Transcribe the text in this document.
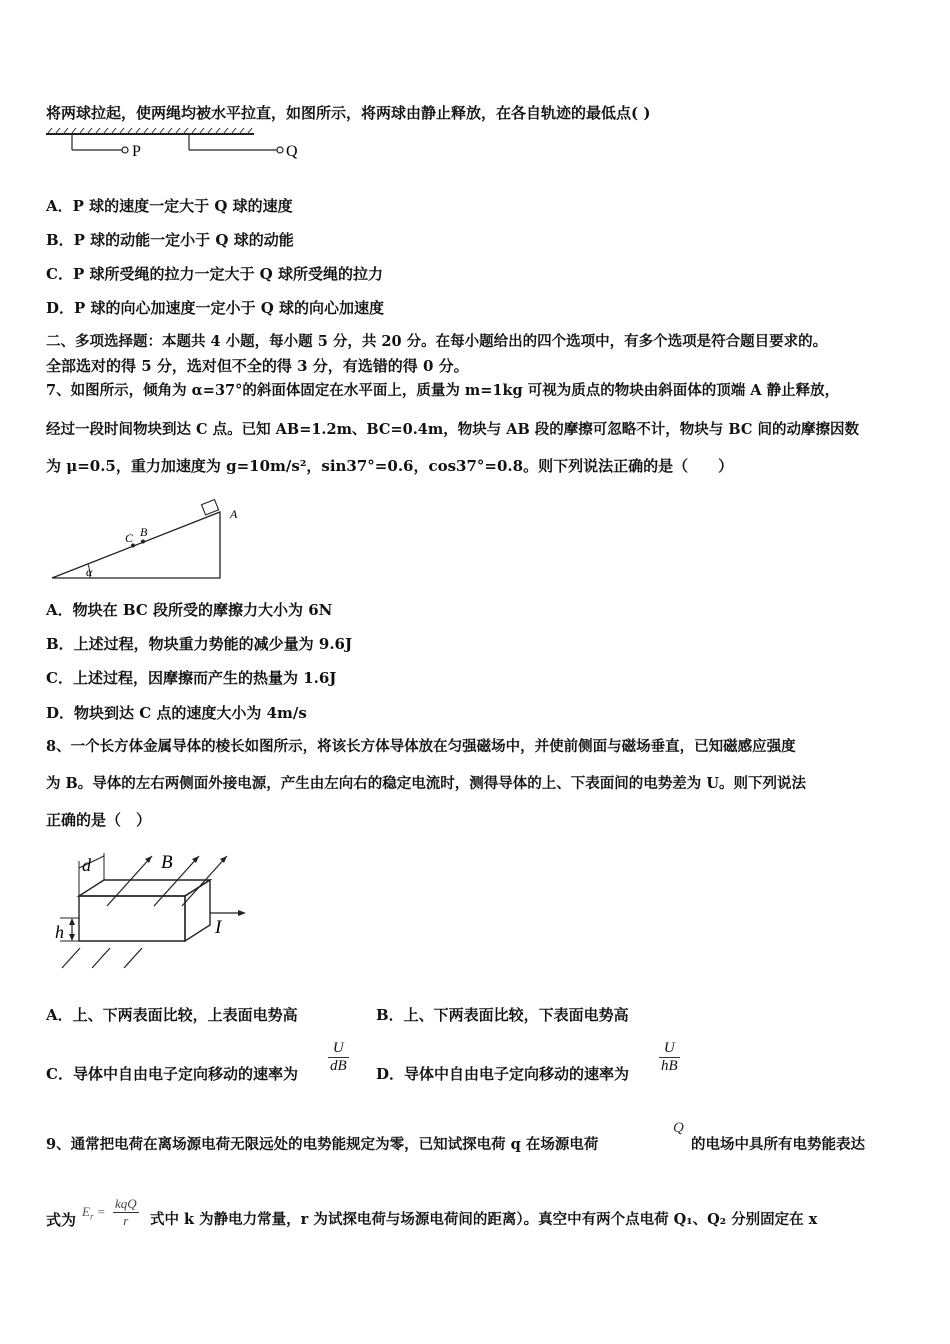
将两球拉起，使两绳均被水平拉直，如图所示，将两球由静止释放，在各自轨迹的最低点( )
P	Q
A．P 球的速度一定大于 Q 球的速度
B．P 球的动能一定小于 Q 球的动能
C．P 球所受绳的拉力一定大于 Q 球所受绳的拉力
D．P 球的向心加速度一定小于 Q 球的向心加速度
二、多项选择题：本题共 4 小题，每小题 5 分，共 20 分。在每小题给出的四个选项中，有多个选项是符合题目要求的。
全部选对的得 5 分，选对但不全的得 3 分，有选错的得 0 分。
7、如图所示，倾角为 α=37°的斜面体固定在水平面上，质量为 m=1kg 可视为质点的物块由斜面体的顶端 A 静止释放，
经过一段时间物块到达 C 点。已知 AB=1.2m、BC=0.4m，物块与 AB 段的摩擦可忽略不计，物块与 BC 间的动摩擦因数
为 μ=0.5，重力加速度为 g=10m/s²，sin37°=0.6，cos37°=0.8。则下列说法正确的是（　　）
α
C B
A
A．物块在 BC 段所受的摩擦力大小为 6N
B．上述过程，物块重力势能的减少量为 9.6J
C．上述过程，因摩擦而产生的热量为 1.6J
D．物块到达 C 点的速度大小为 4m/s
8、一个长方体金属导体的棱长如图所示，将该长方体导体放在匀强磁场中，并使前侧面与磁场垂直，已知磁感应强度
为 B。导体的左右两侧面外接电源，产生由左向右的稳定电流时，测得导体的上、下表面间的电势差为 U。则下列说法
正确的是（　）
d
h
B
I
A．上、下两表面比较，上表面电势高	B．上、下两表面比较，下表面电势高
C．导体中自由电子定向移动的速率为 $\frac{U}{dB}$ D．导体中自由电子定向移动的速率为 $\frac{U}{hB}$
9、通常把电荷在离场源电荷无限远处的电势能规定为零，已知试探电荷 q 在场源电荷
Q
的电场中具所有电势能表达
式为 $E_r$ =
kqQ
r	式中 k 为静电力常量，r 为试探电荷与场源电荷间的距离）。真空中有两个点电荷 Q₁、Q₂ 分别固定在 x
